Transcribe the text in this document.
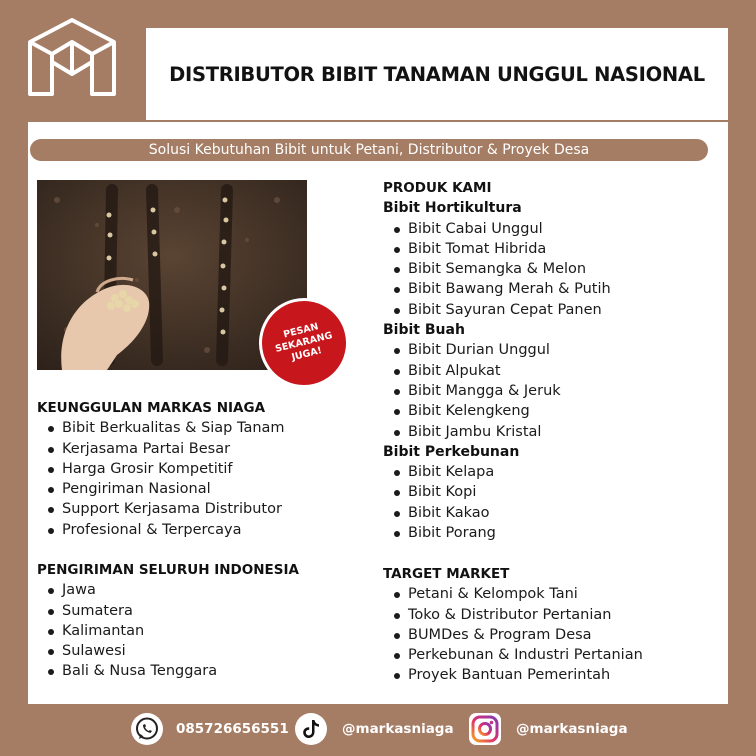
DISTRIBUTOR BIBIT TANAMAN UNGGUL NASIONAL
Solusi Kebutuhan Bibit untuk Petani, Distributor & Proyek Desa
PESAN
SEKARANG
JUGA!
KEUNGGULAN MARKAS NIAGA
Bibit Berkualitas & Siap Tanam
Kerjasama Partai Besar
Harga Grosir Kompetitif
Pengiriman Nasional
Support Kerjasama Distributor
Profesional & Terpercaya
PENGIRIMAN SELURUH INDONESIA
Jawa
Sumatera
Kalimantan
Sulawesi
Bali & Nusa Tenggara
PRODUK KAMI
Bibit Hortikultura
Bibit Cabai Unggul
Bibit Tomat Hibrida
Bibit Semangka & Melon
Bibit Bawang Merah & Putih
Bibit Sayuran Cepat Panen
Bibit Buah
Bibit Durian Unggul
Bibit Alpukat
Bibit Mangga & Jeruk
Bibit Kelengkeng
Bibit Jambu Kristal
Bibit Perkebunan
Bibit Kelapa
Bibit Kopi
Bibit Kakao
Bibit Porang
TARGET MARKET
Petani & Kelompok Tani
Toko & Distributor Pertanian
BUMDes & Program Desa
Perkebunan & Industri Pertanian
Proyek Bantuan Pemerintah
085726656551	@markasniaga	@markasniaga
